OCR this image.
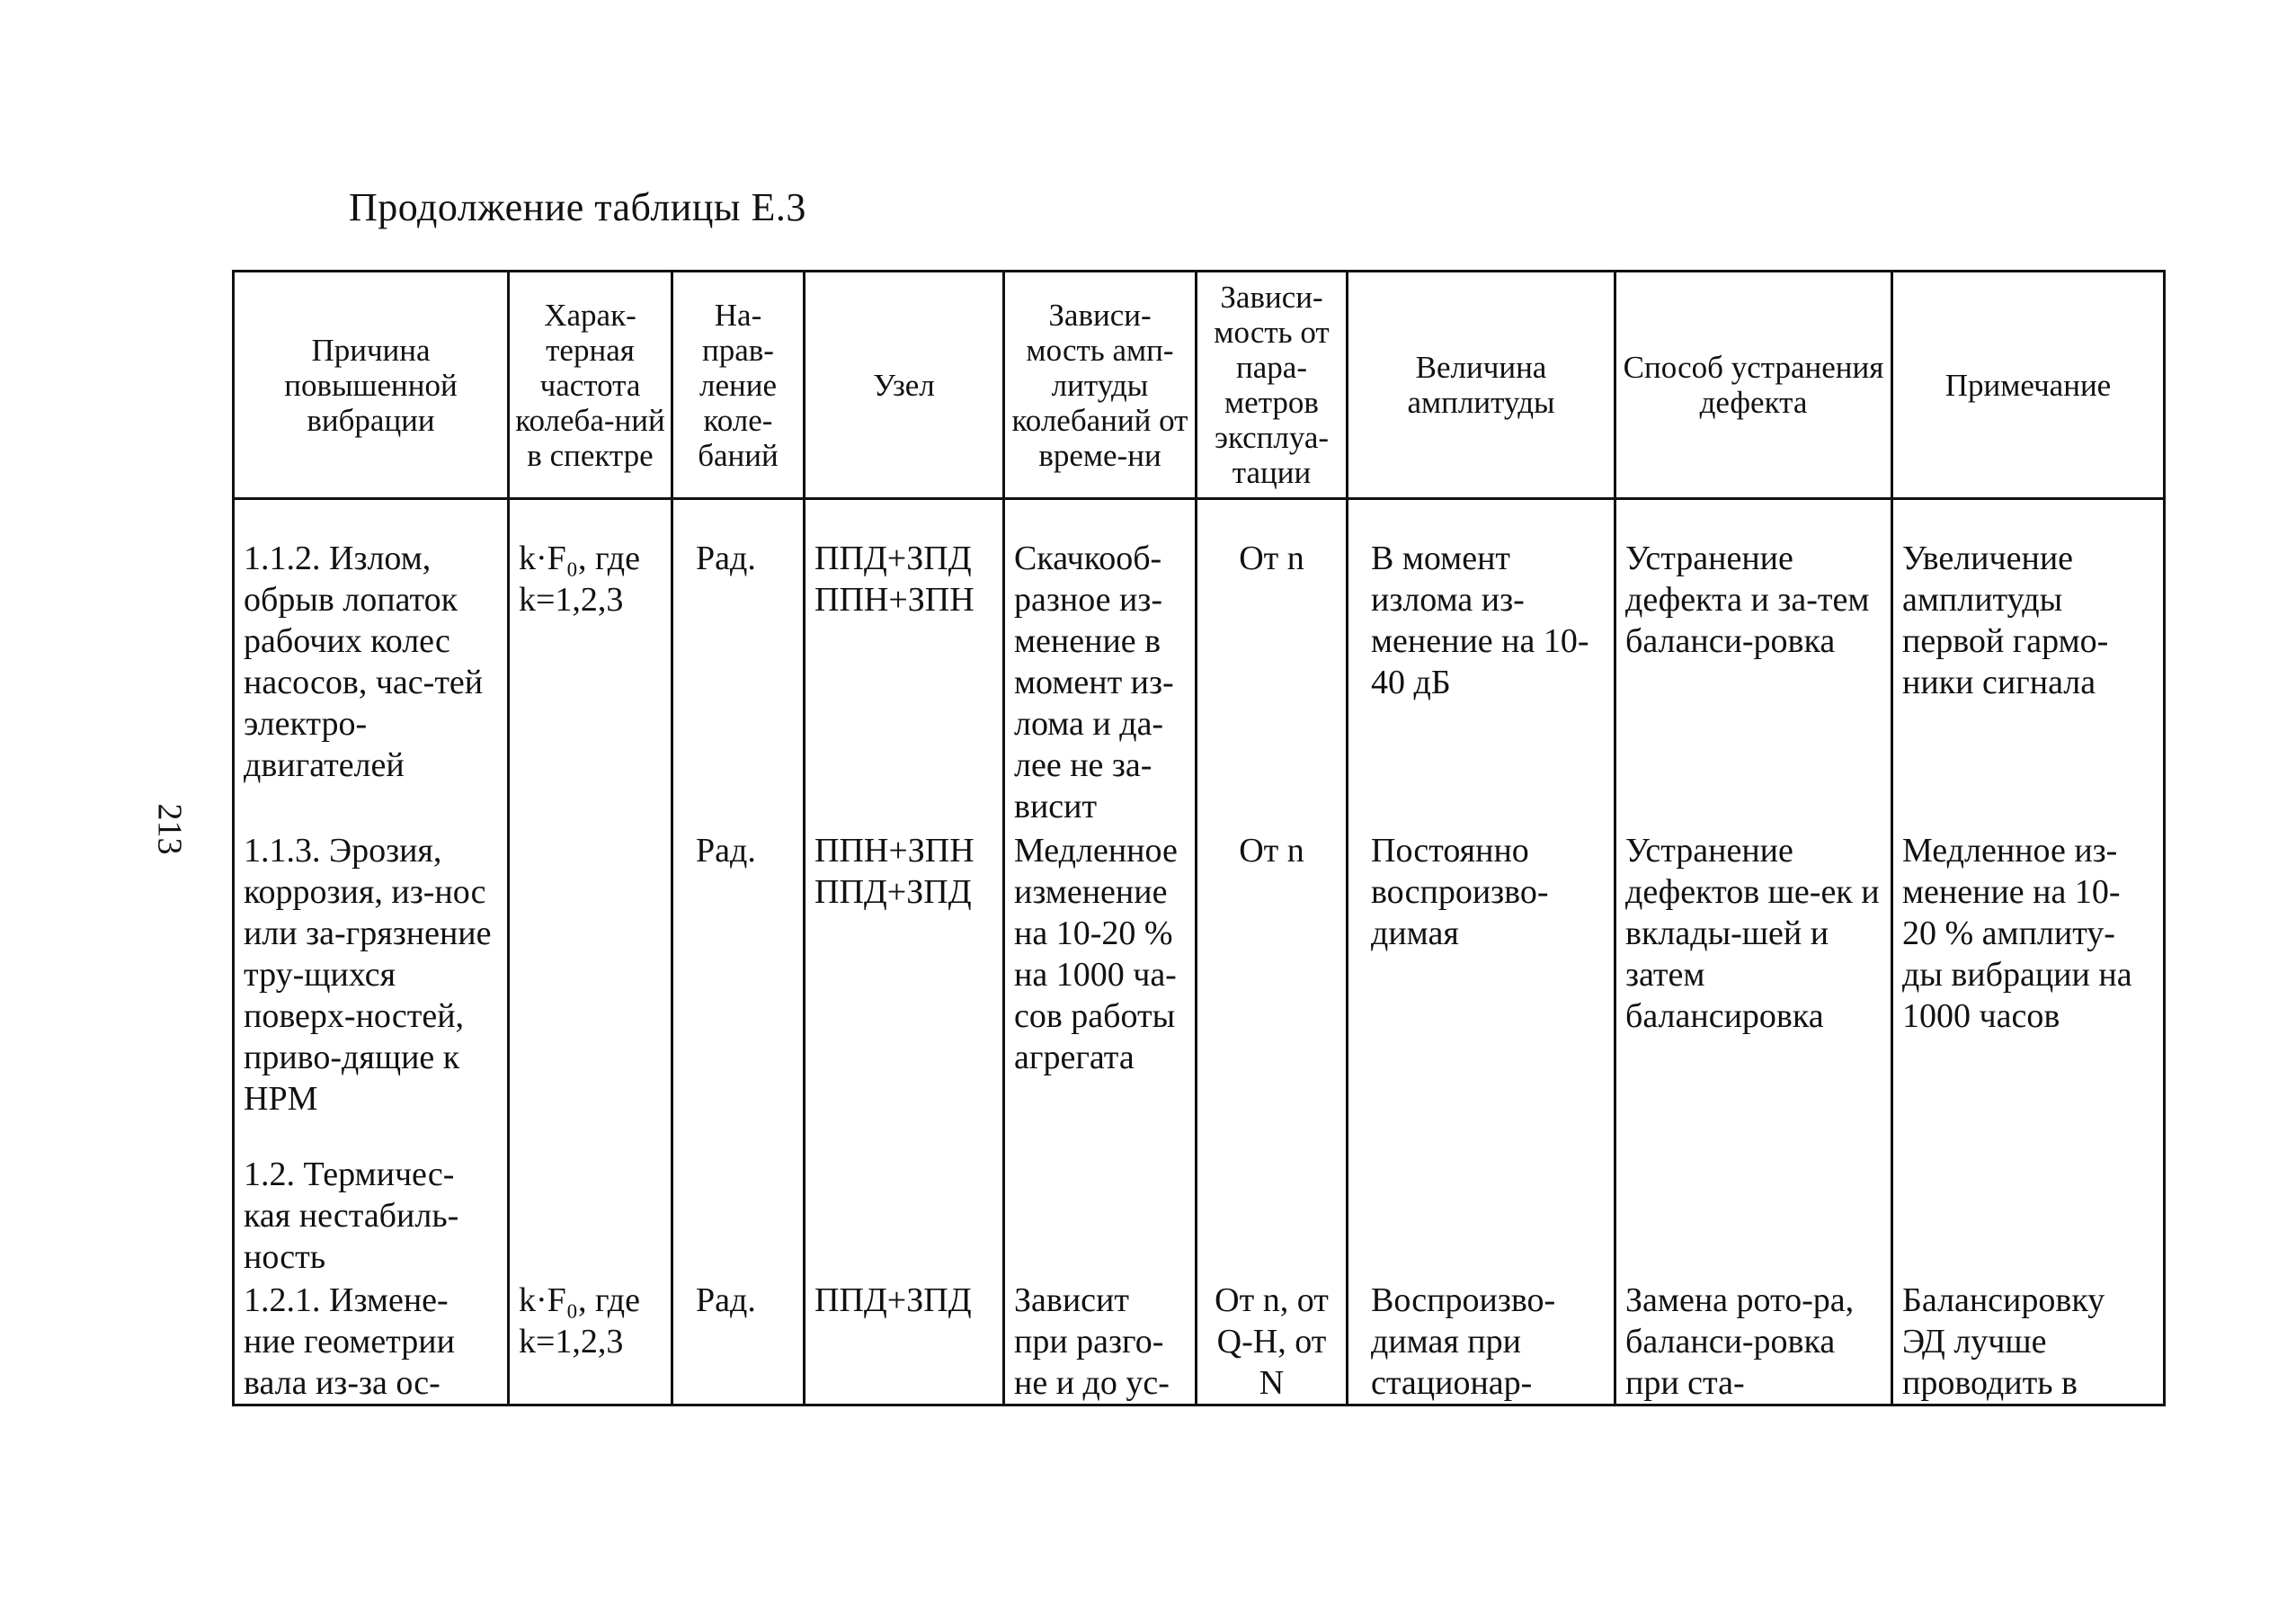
Продолжение таблицы Е.3
213
Причина повышенной вибрации	Харак-терная частота колеба-ний в спектре	На-прав-ление коле-баний	Узел	Зависи-мость амп-литуды колебаний от време-ни	Зависи-мость от пара-метров эксплуа-тации	Величина амплитуды	Способ устранения дефекта	Примечание
1.1.2. Излом, обрыв лопаток рабочих колес насосов, час-тей электро-двигателей	k·F₀, где k=1,2,3	Рад.	ППД+ЗПД ППН+ЗПН	Скачкооб-разное из-менение в момент из-лома и да-лее не за-висит	От n	В момент излома из-менение на 10-40 дБ	Устранение дефекта и за-тем баланси-ровка	Увеличение амплитуды первой гармо-ники сигнала
1.1.3. Эрозия, коррозия, из-нос или за-грязнение тру-щихся поверх-ностей, приво-дящие к НРМ		Рад.	ППН+ЗПН ППД+ЗПД	Медленное изменение на 10-20 % на 1000 ча-сов работы агрегата	От n	Постоянно воспроизво-димая	Устранение дефектов ше-ек и вклады-шей и затем балансировка	Медленное из-менение на 10-20 % амплиту-ды вибрации на 1000 часов
1.2. Термичес-кая нестабиль-ность								
1.2.1. Измене-ние геометрии вала из-за ос-	k·F₀, где k=1,2,3	Рад.	ППД+ЗПД	Зависит при разго-не и до ус-	От n, от Q-H, от N	Воспроизво-димая при стационар-	Замена рото-ра, баланси-ровка при ста-	Балансировку ЭД лучше проводить в
